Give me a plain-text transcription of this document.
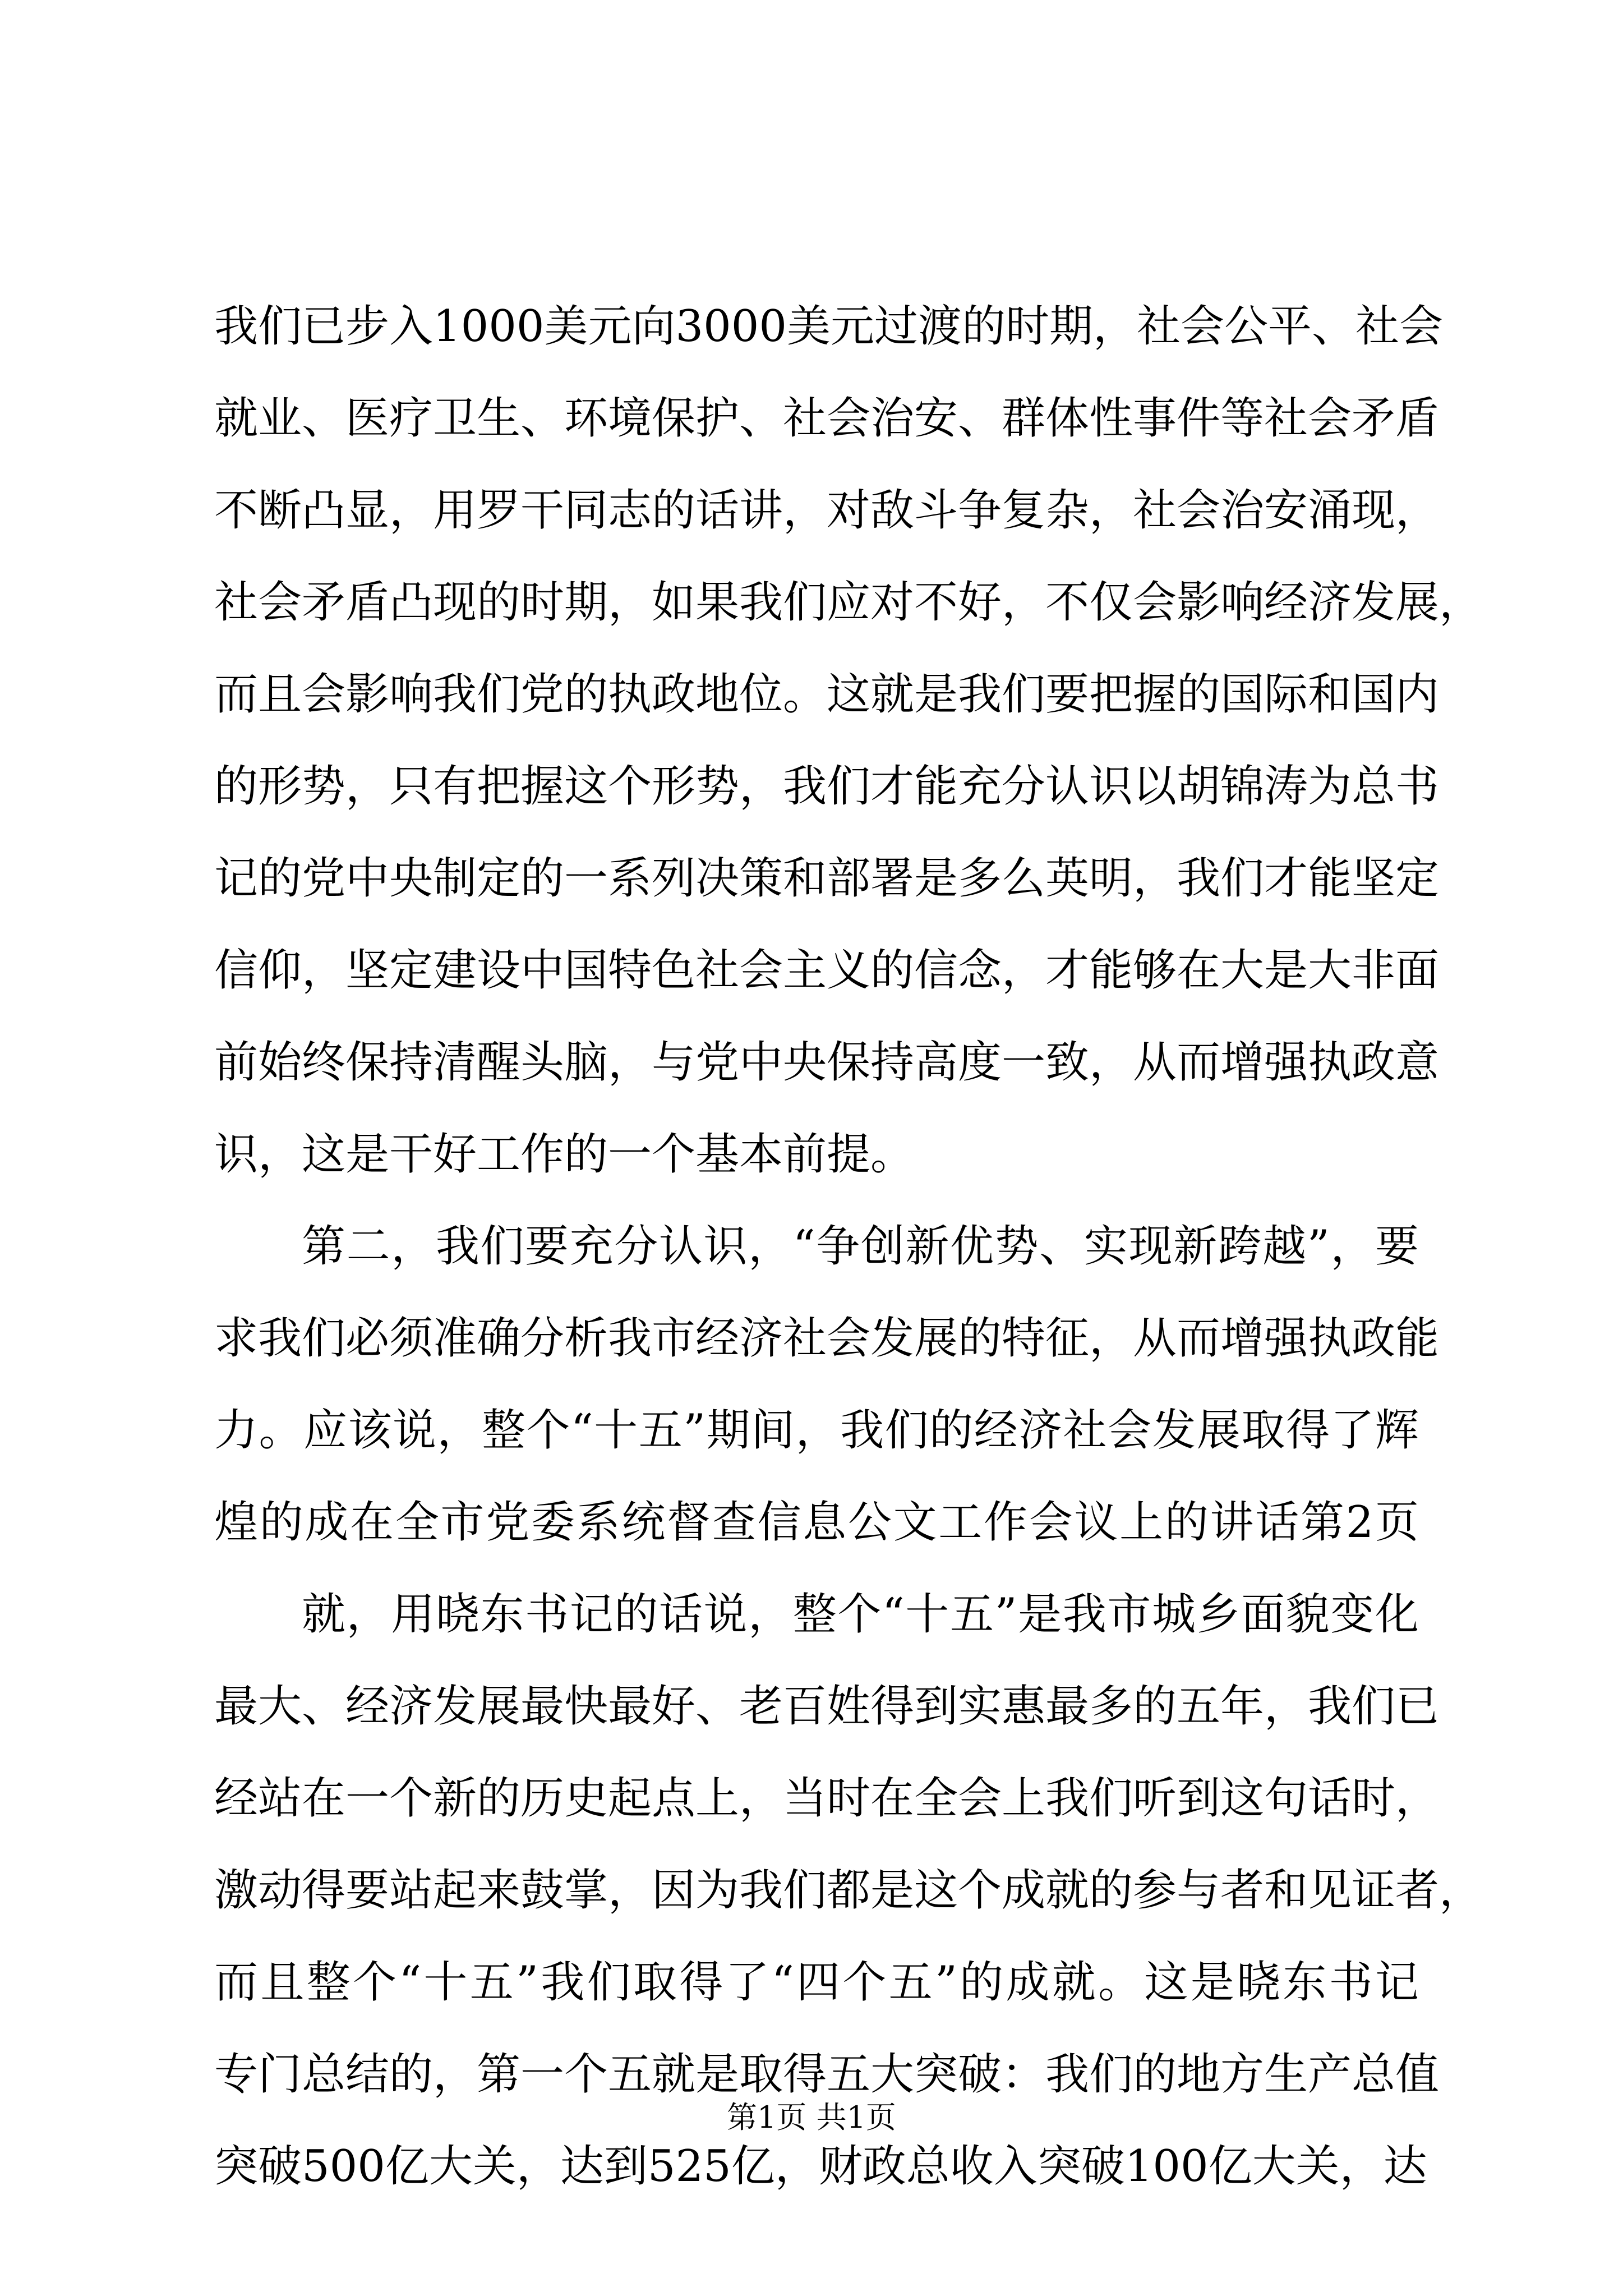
我们已步入1000美元向3000美元过渡的时期，社会公平、社会
就业、医疗卫生、环境保护、社会治安、群体性事件等社会矛盾
不断凸显，用罗干同志的话讲，对敌斗争复杂，社会治安涌现，
社会矛盾凸现的时期，如果我们应对不好，不仅会影响经济发展，
而且会影响我们党的执政地位。这就是我们要把握的国际和国内
的形势，只有把握这个形势，我们才能充分认识以胡锦涛为总书
记的党中央制定的一系列决策和部署是多么英明，我们才能坚定
信仰，坚定建设中国特色社会主义的信念，才能够在大是大非面
前始终保持清醒头脑，与党中央保持高度一致，从而增强执政意
识，这是干好工作的一个基本前提。
第二，我们要充分认识，“争创新优势、实现新跨越”，要
求我们必须准确分析我市经济社会发展的特征，从而增强执政能
力。应该说，整个“十五”期间，我们的经济社会发展取得了辉
煌的成在全市党委系统督查信息公文工作会议上的讲话第2页
就，用晓东书记的话说，整个“十五”是我市城乡面貌变化
最大、经济发展最快最好、老百姓得到实惠最多的五年，我们已
经站在一个新的历史起点上，当时在全会上我们听到这句话时，
激动得要站起来鼓掌，因为我们都是这个成就的参与者和见证者，
而且整个“十五”我们取得了“四个五”的成就。这是晓东书记
专门总结的，第一个五就是取得五大突破：我们的地方生产总值
突破500亿大关，达到525亿，财政总收入突破100亿大关，达
第1页 共1页
